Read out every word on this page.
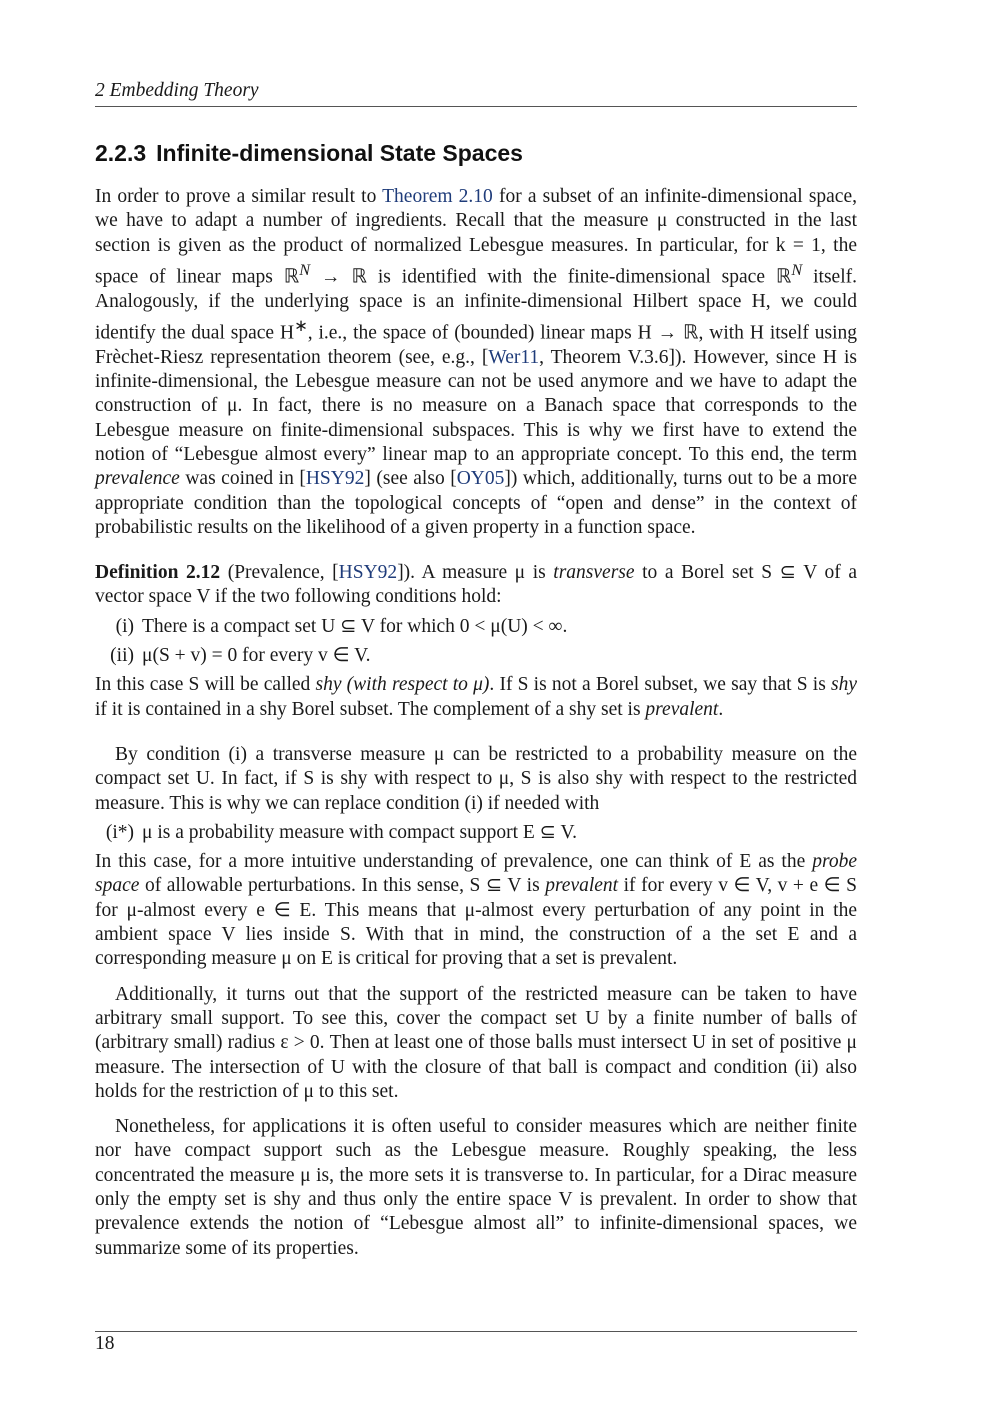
2 Embedding Theory
2.2.3 Infinite-dimensional State Spaces

In order to prove a similar result to Theorem 2.10 for a subset of an infinite-dimensional space, we have to adapt a number of ingredients. Recall that the measure μ constructed in the last section is given as the product of normalized Lebesgue measures. In particular, for k = 1, the space of linear maps ℝ$^N$ → ℝ is identified with the finite-dimensional space ℝ$^N$ itself. Analogously, if the underlying space is an infinite-dimensional Hilbert space H, we could identify the dual space H∗, i.e., the space of (bounded) linear maps H → ℝ, with H itself using Frèchet-Riesz representation theorem (see, e.g., [Wer11, Theorem V.3.6]). However, since H is infinite-dimensional, the Lebesgue measure can not be used anymore and we have to adapt the construction of μ. In fact, there is no measure on a Banach space that corresponds to the Lebesgue measure on finite-dimensional subspaces. This is why we first have to extend the notion of “Lebesgue almost every” linear map to an appropriate concept. To this end, the term prevalence was coined in [HSY92] (see also [OY05]) which, additionally, turns out to be a more appropriate condition than the topological concepts of “open and dense” in the context of probabilistic results on the likelihood of a given property in a function space.

Definition 2.12 (Prevalence, [HSY92]). A measure μ is transverse to a Borel set S ⊆ V of a vector space V if the two following conditions hold:

(i) There is a compact set U ⊆ V for which 0 < μ(U) < ∞.
(ii) μ(S + v) = 0 for every v ∈ V.

In this case S will be called shy (with respect to μ). If S is not a Borel subset, we say that S is shy if it is contained in a shy Borel subset. The complement of a shy set is prevalent.

By condition (i) a transverse measure μ can be restricted to a probability measure on the compact set U. In fact, if S is shy with respect to μ, S is also shy with respect to the restricted measure. This is why we can replace condition (i) if needed with

(i*) μ is a probability measure with compact support E ⊆ V.

In this case, for a more intuitive understanding of prevalence, one can think of E as the probe space of allowable perturbations. In this sense, S ⊆ V is prevalent if for every v ∈ V, v + e ∈ S for μ-almost every e ∈ E. This means that μ-almost every perturbation of any point in the ambient space V lies inside S. With that in mind, the construction of a the set E and a corresponding measure μ on E is critical for proving that a set is prevalent.

Additionally, it turns out that the support of the restricted measure can be taken to have arbitrary small support. To see this, cover the compact set U by a finite number of balls of (arbitrary small) radius ε > 0. Then at least one of those balls must intersect U in set of positive μ measure. The intersection of U with the closure of that ball is compact and condition (ii) also holds for the restriction of μ to this set.

Nonetheless, for applications it is often useful to consider measures which are neither finite nor have compact support such as the Lebesgue measure. Roughly speaking, the less concentrated the measure μ is, the more sets it is transverse to. In particular, for a Dirac measure only the empty set is shy and thus only the entire space V is prevalent. In order to show that prevalence extends the notion of “Lebesgue almost all” to infinite-dimensional spaces, we summarize some of its properties.

18
